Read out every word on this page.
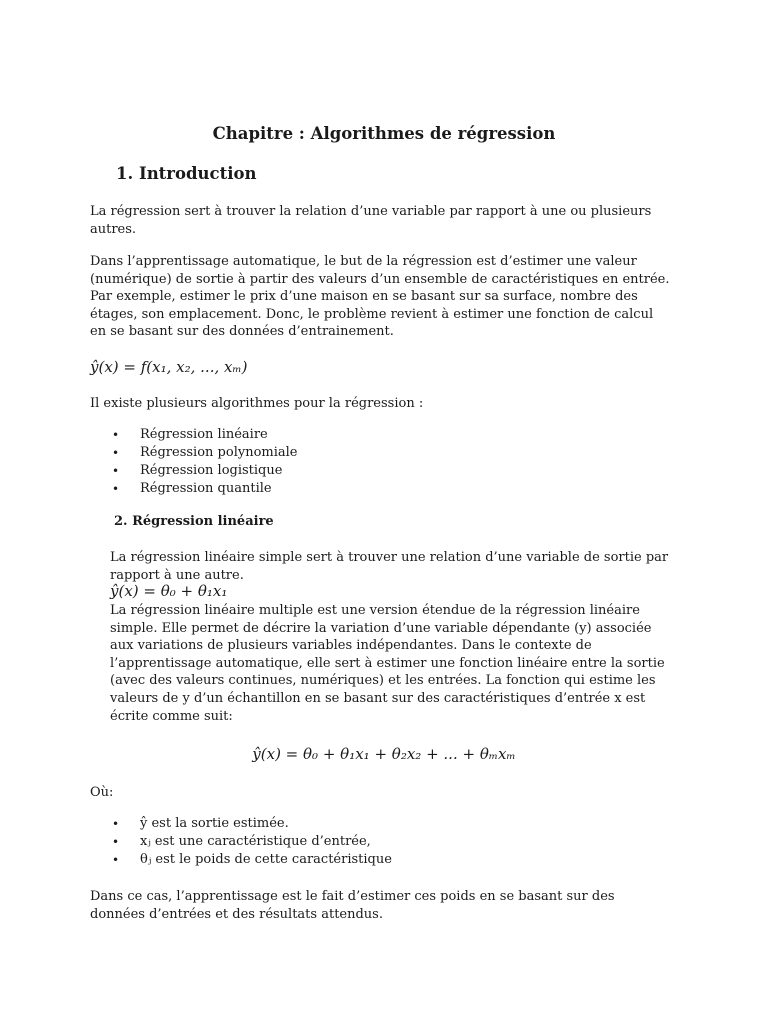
Chapitre : Algorithmes de régression
1. Introduction
La régression sert à trouver la relation d’une variable par rapport à une ou plusieurs autres.
Dans l’apprentissage automatique, le but de la régression est d’estimer une valeur
(numérique) de sortie à partir des valeurs d’un ensemble de caractéristiques en entrée.
Par exemple, estimer le prix d’une maison en se basant sur sa surface, nombre des
étages, son emplacement. Donc, le problème revient à estimer une fonction de calcul
en se basant sur des données d’entrainement.
ŷ(x) = f(x₁, x₂, ..., xₘ)
Il existe plusieurs algorithmes pour la régression :
• Régression linéaire
• Régression polynomiale
• Régression logistique
• Régression quantile
2. Régression linéaire
La régression linéaire simple sert à trouver une relation d’une variable de sortie par
rapport à une autre.
ŷ(x) = θ₀ + θ₁x₁
La régression linéaire multiple est une version étendue de la régression linéaire
simple. Elle permet de décrire la variation d’une variable dépendante (y) associée
aux variations de plusieurs variables indépendantes. Dans le contexte de
l’apprentissage automatique, elle sert à estimer une fonction linéaire entre la sortie
(avec des valeurs continues, numériques) et les entrées. La fonction qui estime les
valeurs de y d’un échantillon en se basant sur des caractéristiques d’entrée x est
écrite comme suit:
ŷ(x) = θ₀ + θ₁x₁ + θ₂x₂ + ... + θₘxₘ
Où:
• ŷ est la sortie estimée.
• xⱼ est une caractéristique d’entrée,
• θⱼ est le poids de cette caractéristique
Dans ce cas, l’apprentissage est le fait d’estimer ces poids en se basant sur des
données d’entrées et des résultats attendus.
